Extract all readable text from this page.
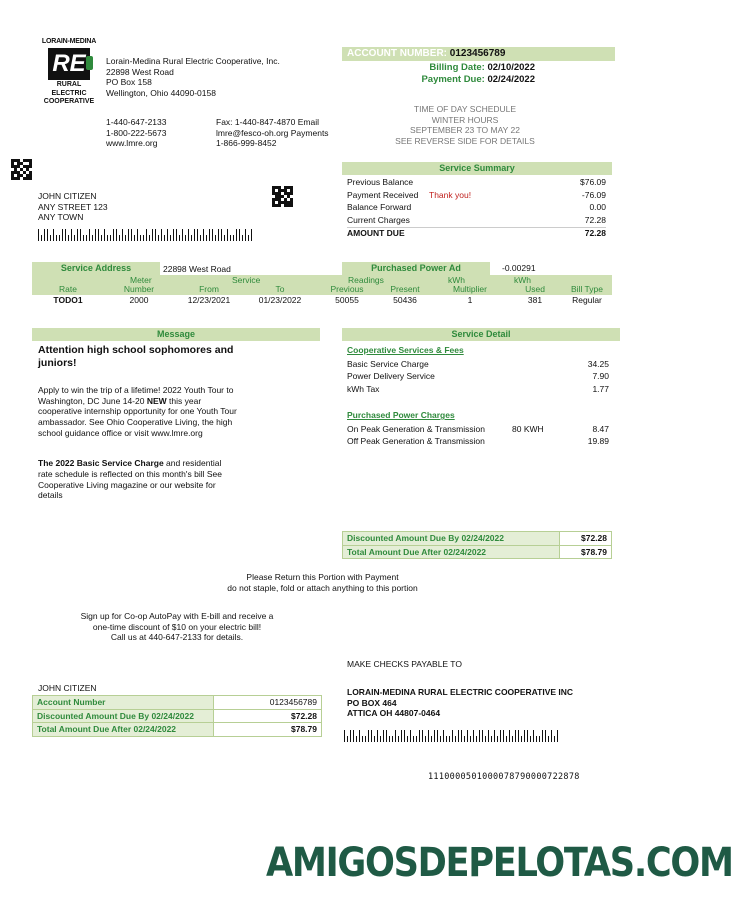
LORAIN-MEDINA
RE
RURAL ELECTRIC
COOPERATIVE
Lorain-Medina Rural Electric Cooperative, Inc.
22898 West Road
PO Box 158
Wellington, Ohio 44090-0158
1-440-647-2133
1-800-222-5673
www.lmre.org
Fax: 1-440-847-4870 Email
lmre@fesco-oh.org Payments
1-866-999-8452
ACCOUNT NUMBER: 0123456789
Billing Date: 02/10/2022
Payment Due: 02/24/2022
TIME OF DAY SCHEDULE
WINTER HOURS
SEPTEMBER 23 TO MAY 22
SEE REVERSE SIDE FOR DETAILS
JOHN CITIZEN
ANY STREET 123
ANY TOWN
Service Summary
Previous Balance	$76.09
Payment Received Thank you!	-76.09
Balance Forward	0.00
Current Charges	72.28
AMOUNT DUE	72.28
Service Address	22898 West Road	Purchased Power Ad	-0.00291
Meter	Service	Readings	kWh	kWh
Rate	Number	From	To	Previous	Present	Multiplier	Used	Bill Type
TODO1	2000	12/23/2021	01/23/2022	50055	50436	1	381	Regular
Message
Attention high school sophomores and juniors!
Apply to win the trip of a lifetime! 2022 Youth Tour to Washington, DC June 14-20 NEW this year cooperative internship opportunity for one Youth Tour ambassador. See Ohio Cooperative Living, the high school guidance office or visit www.lmre.org
The 2022 Basic Service Charge and residential rate schedule is reflected on this month's bill See Cooperative Living magazine or our website for details
Service Detail
Cooperative Services & Fees
Basic Service Charge	34.25
Power Delivery Service	7.90
kWh Tax	1.77
Purchased Power Charges
On Peak Generation & Transmission	80 KWH	8.47
Off Peak Generation & Transmission	19.89
Discounted Amount Due By 02/24/2022	$72.28
Total Amount Due After 02/24/2022	$78.79
Please Return this Portion with Payment
do not staple, fold or attach anything to this portion
Sign up for Co-op AutoPay with E-bill and receive a
one-time discount of $10 on your electric bill!
Call us at 440-647-2133 for details.
JOHN CITIZEN
Account Number	0123456789
Discounted Amount Due By 02/24/2022	$72.28
Total Amount Due After 02/24/2022	$78.79
MAKE CHECKS PAYABLE TO
LORAIN-MEDINA RURAL ELECTRIC COOPERATIVE INC
PO BOX 464
ATTICA OH 44807-0464
1110000501000078790000722878
AMIGOSDEPELOTAS.COM
